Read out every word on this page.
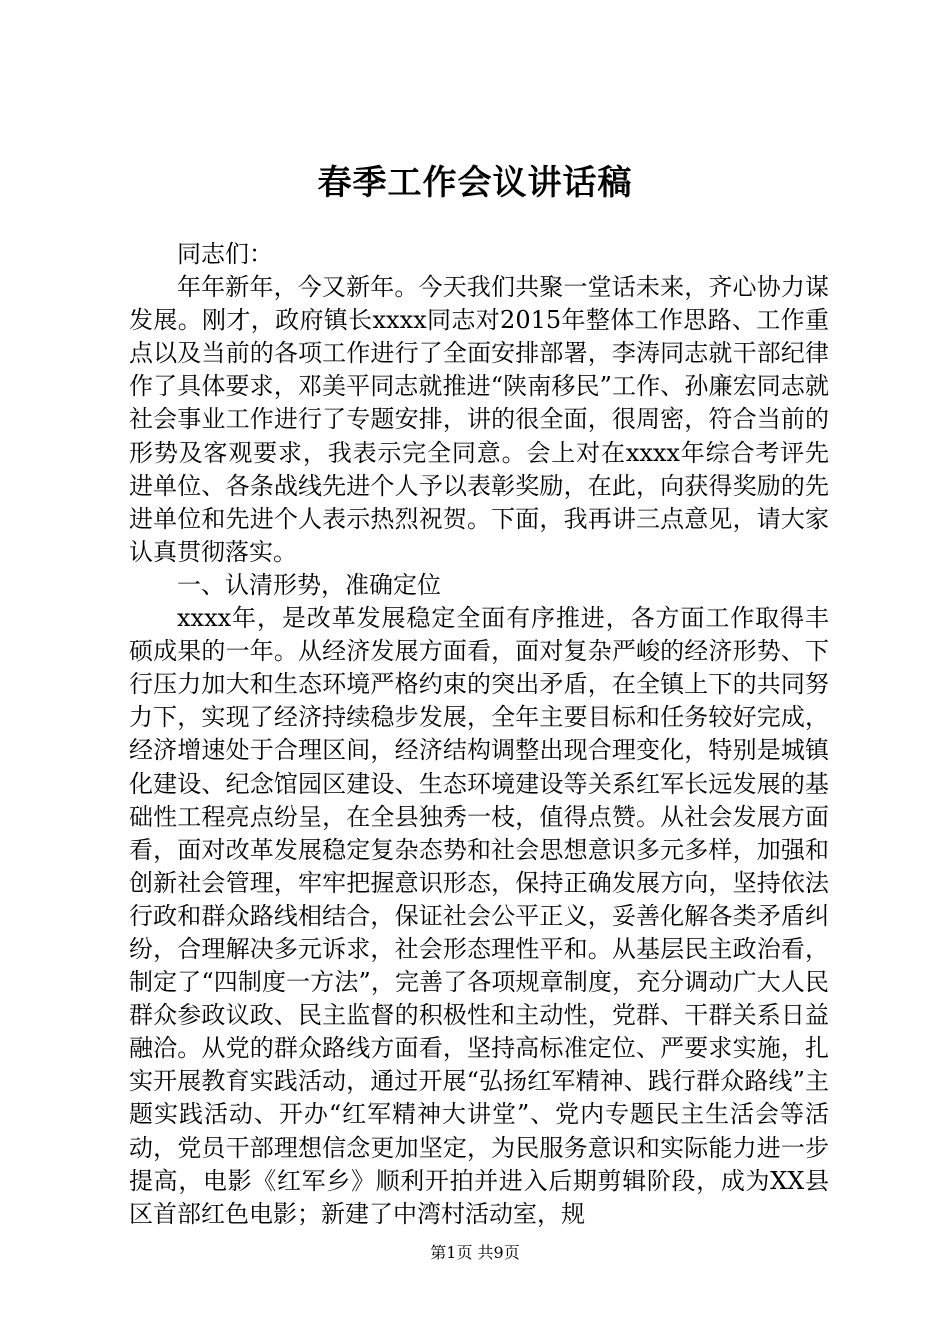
春季工作会议讲话稿

同志们：

年年新年，今又新年。今天我们共聚一堂话未来，齐心协力谋发展。刚才，政府镇长xxxx同志对2015年整体工作思路、工作重点以及当前的各项工作进行了全面安排部署，李涛同志就干部纪律作了具体要求，邓美平同志就推进“陕南移民”工作、孙廉宏同志就社会事业工作进行了专题安排，讲的很全面，很周密，符合当前的形势及客观要求，我表示完全同意。会上对在xxxx年综合考评先进单位、各条战线先进个人予以表彰奖励，在此，向获得奖励的先进单位和先进个人表示热烈祝贺。下面，我再讲三点意见，请大家认真贯彻落实。

一、认清形势，准确定位

xxxx年，是改革发展稳定全面有序推进，各方面工作取得丰硕成果的一年。从经济发展方面看，面对复杂严峻的经济形势、下行压力加大和生态环境严格约束的突出矛盾，在全镇上下的共同努力下，实现了经济持续稳步发展，全年主要目标和任务较好完成，经济增速处于合理区间，经济结构调整出现合理变化，特别是城镇化建设、纪念馆园区建设、生态环境建设等关系红军长远发展的基础性工程亮点纷呈，在全县独秀一枝，值得点赞。从社会发展方面看，面对改革发展稳定复杂态势和社会思想意识多元多样，加强和创新社会管理，牢牢把握意识形态，保持正确发展方向，坚持依法行政和群众路线相结合，保证社会公平正义，妥善化解各类矛盾纠纷，合理解决多元诉求，社会形态理性平和。从基层民主政治看，制定了“四制度一方法”，完善了各项规章制度，充分调动广大人民群众参政议政、民主监督的积极性和主动性，党群、干群关系日益融洽。从党的群众路线方面看，坚持高标准定位、严要求实施，扎实开展教育实践活动，通过开展“弘扬红军精神、践行群众路线”主题实践活动、开办“红军精神大讲堂”、党内专题民主生活会等活动，党员干部理想信念更加坚定，为民服务意识和实际能力进一步提高，电影《红军乡》顺利开拍并进入后期剪辑阶段，成为XX县区首部红色电影；新建了中湾村活动室，规

第1页 共9页
